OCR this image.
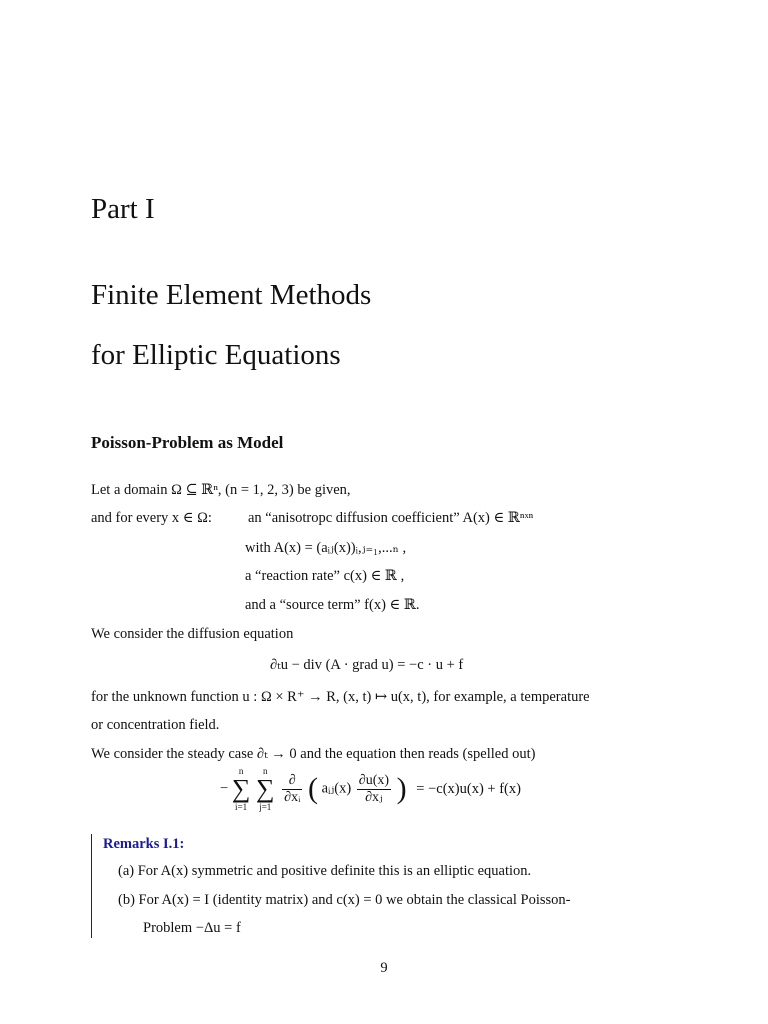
Part I
Finite Element Methods
for Elliptic Equations
Poisson-Problem as Model
Let a domain Ω ⊆ ℝⁿ, (n = 1, 2, 3) be given,
and for every x ∈ Ω: an “anisotropc diffusion coefficient” A(x) ∈ ℝⁿˣⁿ
with A(x) = (aᵢⱼ(x))ᵢ,ⱼ₌₁,...ₙ ,
a “reaction rate” c(x) ∈ ℝ ,
and a “source term” f(x) ∈ ℝ.
We consider the diffusion equation
∂ₜu − div (A · grad u) = −c · u + f
for the unknown function u : Ω × R⁺ → R, (x, t) ↦ u(x, t), for example, a temperature
or concentration field.
We consider the steady case ∂ₜ → 0 and the equation then reads (spelled out)
−
n
∑
i=1

n
∑
j=1

$\frac{\partial}{\text{∂xᵢ}}$ ( aᵢⱼ(x) $\frac{\partial u(x)}{\text{∂xⱼ}}$ ) = −c(x)u(x) + f(x)
Remarks I.1:
(a) For A(x) symmetric and positive definite this is an elliptic equation.
(b) For A(x) = I (identity matrix) and c(x) = 0 we obtain the classical Poisson-
Problem −Δu = f
9
